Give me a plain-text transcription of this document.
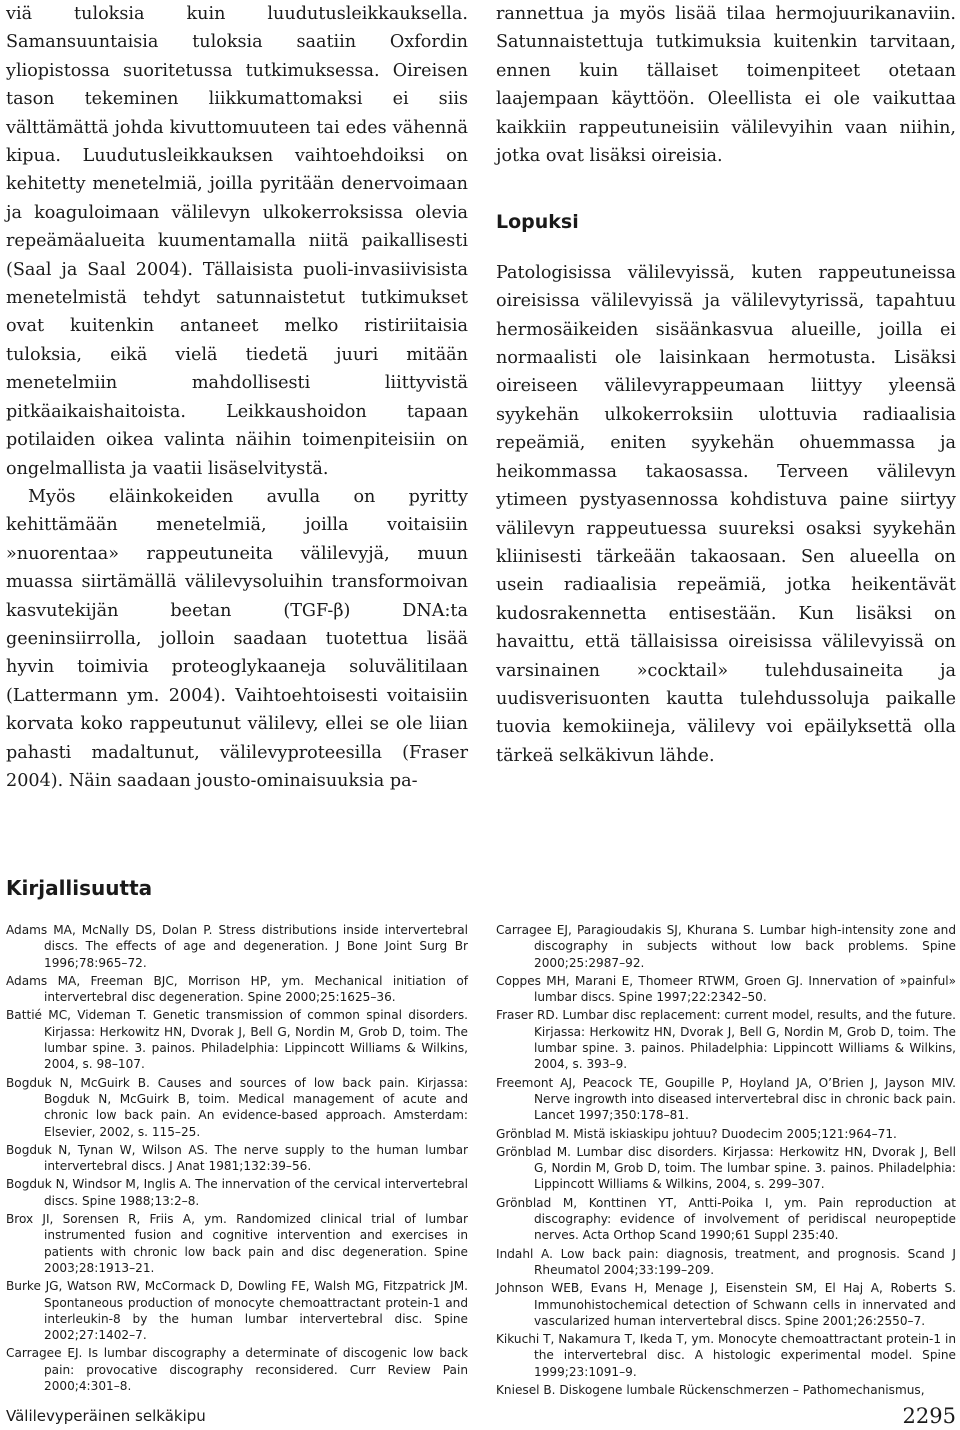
viä tuloksia kuin luudutusleikkauksella. Samansuuntaisia tuloksia saatiin Oxfordin yliopistossa suoritetussa tutkimuksessa. Oireisen tason tekeminen liikkumattomaksi ei siis välttämättä johda kivuttomuuteen tai edes vähennä kipua. Luudutusleikkauksen vaihtoehdoiksi on kehitetty menetelmiä, joilla pyritään denervoimaan ja koaguloimaan välilevyn ulkokerroksissa olevia repeämäalueita kuumentamalla niitä paikallisesti (Saal ja Saal 2004). Tällaisista puoli-invasiivisista menetelmistä tehdyt satunnaistetut tutkimukset ovat kuitenkin antaneet melko ristiriitaisia tuloksia, eikä vielä tiedetä juuri mitään menetelmiin mahdollisesti liittyvistä pitkäaikaishaitoista. Leikkaushoidon tapaan potilaiden oikea valinta näihin toimenpiteisiin on ongelmallista ja vaatii lisäselvitystä.

Myös eläinkokeiden avulla on pyritty kehittämään menetelmiä, joilla voitaisiin »nuorentaa» rappeutuneita välilevyjä, muun muassa siirtämällä välilevysoluihin transformoivan kasvutekijän beetan (TGF-β) DNA:ta geeninsiirrolla, jolloin saadaan tuotettua lisää hyvin toimivia proteoglykaaneja soluvälitilaan (Lattermann ym. 2004). Vaihtoehtoisesti voitaisiin korvata koko rappeutunut välilevy, ellei se ole liian pahasti madaltunut, välilevyproteesilla (Fraser 2004). Näin saadaan jousto-ominaisuuksia pa-

rannettua ja myös lisää tilaa hermojuurikanaviin. Satunnaistettuja tutkimuksia kuitenkin tarvitaan, ennen kuin tällaiset toimenpiteet otetaan laajempaan käyttöön. Oleellista ei ole vaikuttaa kaikkiin rappeutuneisiin välilevyihin vaan niihin, jotka ovat lisäksi oireisia.

Lopuksi

Patologisissa välilevyissä, kuten rappeutuneissa oireisissa välilevyissä ja välilevytyrissä, tapahtuu hermosäikeiden sisäänkasvua alueille, joilla ei normaalisti ole laisinkaan hermotusta. Lisäksi oireiseen välilevyrappeumaan liittyy yleensä syykehän ulkokerroksiin ulottuvia radiaalisia repeämiä, eniten syykehän ohuemmassa ja heikommassa takaosassa. Terveen välilevyn ytimeen pystyasennossa kohdistuva paine siirtyy välilevyn rappeutuessa suureksi osaksi syykehän kliinisesti tärkeään takaosaan. Sen alueella on usein radiaalisia repeämiä, jotka heikentävät kudosrakennetta entisestään. Kun lisäksi on havaittu, että tällaisissa oireisissa välilevyissä on varsinainen »cocktail» tulehdusaineita ja uudisverisuonten kautta tulehdussoluja paikalle tuovia kemokiineja, välilevy voi epäilyksettä olla tärkeä selkäkivun lähde.

Kirjallisuutta

Adams MA, McNally DS, Dolan P. Stress distributions inside intervertebral discs. The effects of age and degeneration. J Bone Joint Surg Br 1996;78:965–72.

Adams MA, Freeman BJC, Morrison HP, ym. Mechanical initiation of intervertebral disc degeneration. Spine 2000;25:1625–36.

Battié MC, Videman T. Genetic transmission of common spinal disorders. Kirjassa: Herkowitz HN, Dvorak J, Bell G, Nordin M, Grob D, toim. The lumbar spine. 3. painos. Philadelphia: Lippincott Williams & Wilkins, 2004, s. 98–107.

Bogduk N, McGuirk B. Causes and sources of low back pain. Kirjassa: Bogduk N, McGuirk B, toim. Medical management of acute and chronic low back pain. An evidence-based approach. Amsterdam: Elsevier, 2002, s. 115–25.

Bogduk N, Tynan W, Wilson AS. The nerve supply to the human lumbar intervertebral discs. J Anat 1981;132:39–56.

Bogduk N, Windsor M, Inglis A. The innervation of the cervical intervertebral discs. Spine 1988;13:2–8.

Brox JI, Sorensen R, Friis A, ym. Randomized clinical trial of lumbar instrumented fusion and cognitive intervention and exercises in patients with chronic low back pain and disc degeneration. Spine 2003;28:1913–21.

Burke JG, Watson RW, McCormack D, Dowling FE, Walsh MG, Fitzpatrick JM. Spontaneous production of monocyte chemoattractant protein-1 and interleukin-8 by the human lumbar intervertebral disc. Spine 2002;27:1402–7.

Carragee EJ. Is lumbar discography a determinate of discogenic low back pain: provocative discography reconsidered. Curr Review Pain 2000;4:301–8.

Carragee EJ, Paragioudakis SJ, Khurana S. Lumbar high-intensity zone and discography in subjects without low back problems. Spine 2000;25:2987–92.

Coppes MH, Marani E, Thomeer RTWM, Groen GJ. Innervation of »painful» lumbar discs. Spine 1997;22:2342–50.

Fraser RD. Lumbar disc replacement: current model, results, and the future. Kirjassa: Herkowitz HN, Dvorak J, Bell G, Nordin M, Grob D, toim. The lumbar spine. 3. painos. Philadelphia: Lippincott Williams & Wilkins, 2004, s. 393–9.

Freemont AJ, Peacock TE, Goupille P, Hoyland JA, O’Brien J, Jayson MIV. Nerve ingrowth into diseased intervertebral disc in chronic back pain. Lancet 1997;350:178–81.

Grönblad M. Mistä iskiaskipu johtuu? Duodecim 2005;121:964–71.

Grönblad M. Lumbar disc disorders. Kirjassa: Herkowitz HN, Dvorak J, Bell G, Nordin M, Grob D, toim. The lumbar spine. 3. painos. Philadelphia: Lippincott Williams & Wilkins, 2004, s. 299–307.

Grönblad M, Konttinen YT, Antti-Poika I, ym. Pain reproduction at discography: evidence of involvement of peridiscal neuropeptide nerves. Acta Orthop Scand 1990;61 Suppl 235:40.

Indahl A. Low back pain: diagnosis, treatment, and prognosis. Scand J Rheumatol 2004;33:199–209.

Johnson WEB, Evans H, Menage J, Eisenstein SM, El Haj A, Roberts S. Immunohistochemical detection of Schwann cells in innervated and vascularized human intervertebral discs. Spine 2001;26:2550–7.

Kikuchi T, Nakamura T, Ikeda T, ym. Monocyte chemoattractant protein-1 in the intervertebral disc. A histologic experimental model. Spine 1999;23:1091–9.

Kniesel B. Diskogene lumbale Rückenschmerzen – Pathomechanismus,

Välilevyperäinen selkäkipu	2295
